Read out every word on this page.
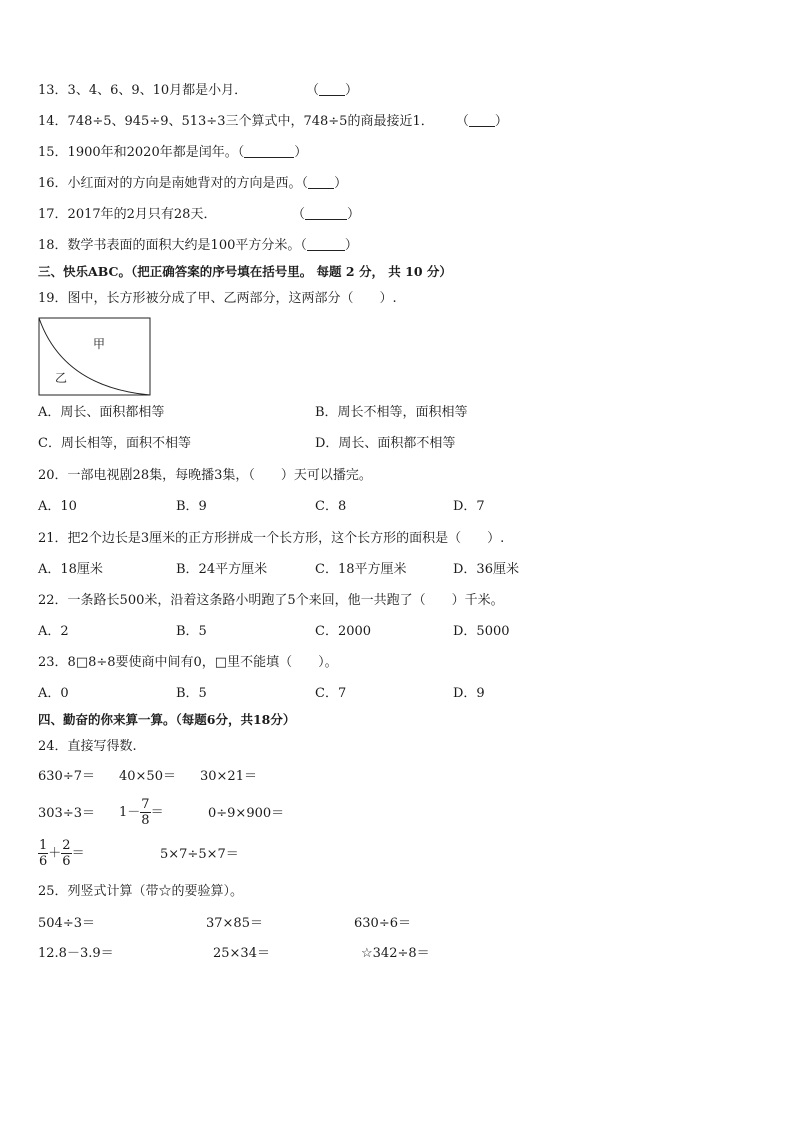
13．3、4、6、9、10月都是小月．	（ ）
14．748÷5、945÷9、513÷3三个算式中，748÷5的商最接近1． （ ）
15．1900年和2020年都是闰年。（	）
16．小红面对的方向是南她背对的方向是西。（ ）
17．2017年的2月只有28天．	（	）
18．数学书表面的面积大约是100平方分米。（	）
三、快乐ABC。（把正确答案的序号填在括号里。 每题 2 分， 共 10 分）
19．图中，长方形被分成了甲、乙两部分，这两部分（　　）.
甲
乙
A．周长、面积都相等	B．周长不相等，面积相等
C．周长相等，面积不相等	D．周长、面积都不相等
20．一部电视剧28集，每晚播3集，（　　）天可以播完。
A．10	B．9	C．8	D．7
21．把2个边长是3厘米的正方形拼成一个长方形，这个长方形的面积是（　　）.
A．18厘米	B．24平方厘米	C．18平方厘米	D．36厘米
22．一条路长500米，沿着这条路小明跑了5个来回，他一共跑了（　　）千米。
A．2	B．5	C．2000	D．5000
23．8□8÷8要使商中间有0，□里不能填（　　）。
A．0	B．5	C．7	D．9
四、勤奋的你来算一算。（每题6分，共18分）
24．直接写得数.
630÷7＝ 40×50＝ 30×21＝
$303\div 3= 1- \frac{7}{8}$ ＝	0÷9×900＝
$\frac{1}{6} + \frac{2}{6}$ ＝	5×7÷5×7＝
25．列竖式计算（带☆的要验算）。
504÷3＝	37×85＝	630÷6＝
12.8－3.9＝	25×34＝	☆342÷8＝
